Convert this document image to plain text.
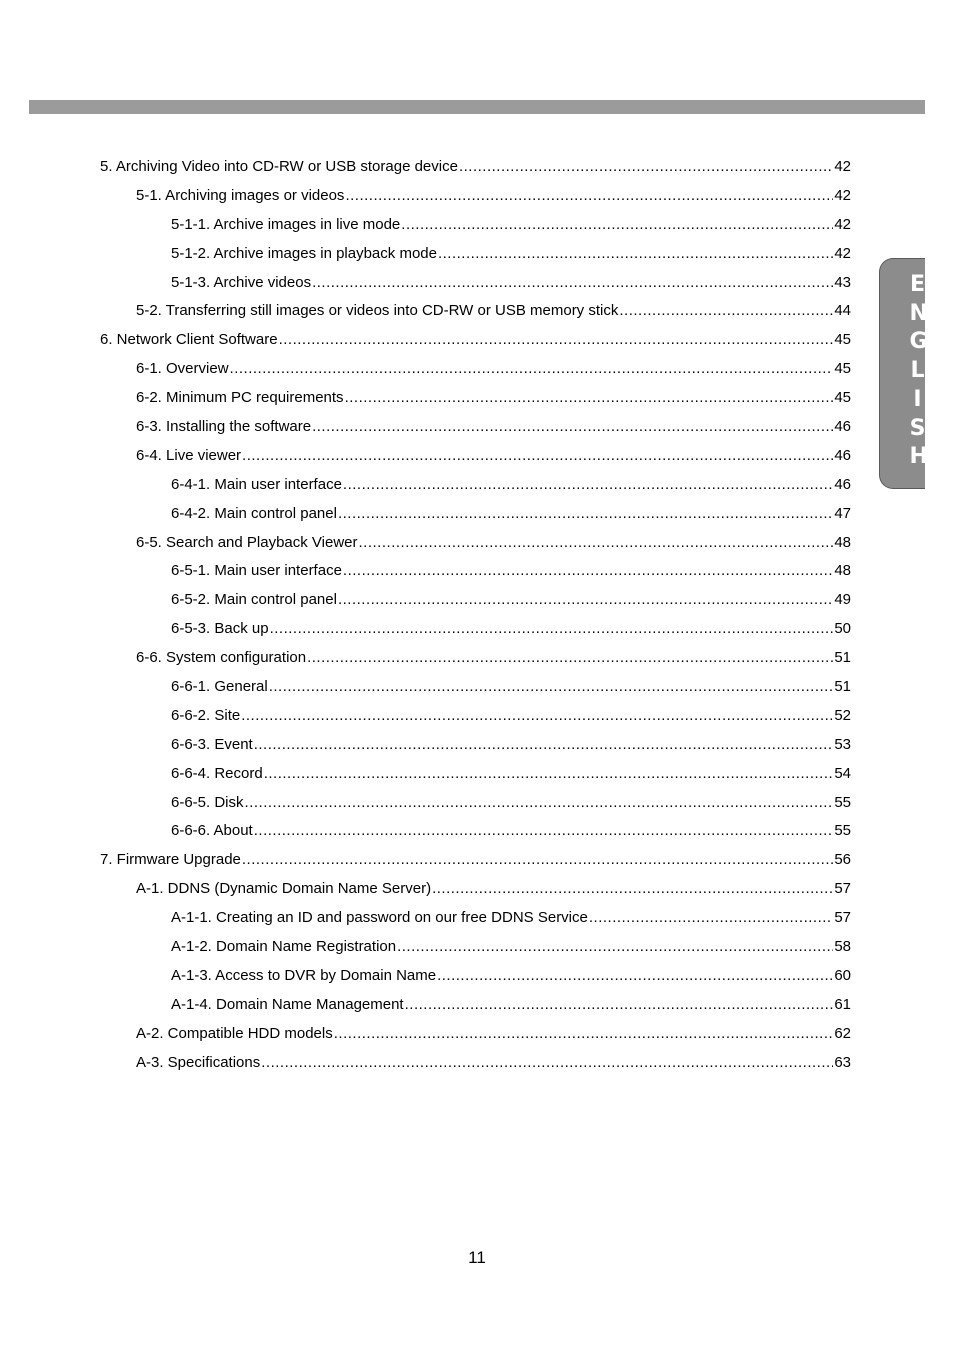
E
N
G
L
I
S
H
5. Archiving Video into CD-RW or USB storage device .....	42
5-1. Archiving images or videos .....	42
5-1-1. Archive images in live mode .....	42
5-1-2. Archive images in playback mode .....	42
5-1-3. Archive videos .....	43
5-2. Transferring still images or videos into CD-RW or USB memory stick .....	44
6. Network Client Software .....	45
6-1. Overview .....	45
6-2. Minimum PC requirements .....	45
6-3. Installing the software .....	46
6-4. Live viewer .....	46
6-4-1. Main user interface .....	46
6-4-2. Main control panel .....	47
6-5. Search and Playback Viewer .....	48
6-5-1. Main user interface .....	48
6-5-2. Main control panel .....	49
6-5-3. Back up .....	50
6-6. System configuration .....	51
6-6-1. General .....	51
6-6-2. Site .....	52
6-6-3. Event .....	53
6-6-4. Record .....	54
6-6-5. Disk .....	55
6-6-6. About .....	55
7. Firmware Upgrade .....	56
A-1. DDNS (Dynamic Domain Name Server) .....	57
A-1-1. Creating an ID and password on our free DDNS Service .....	57
A-1-2. Domain Name Registration .....	58
A-1-3. Access to DVR by Domain Name .....	60
A-1-4. Domain Name Management .....	61
A-2. Compatible HDD models .....	62
A-3. Specifications .....	63
11
